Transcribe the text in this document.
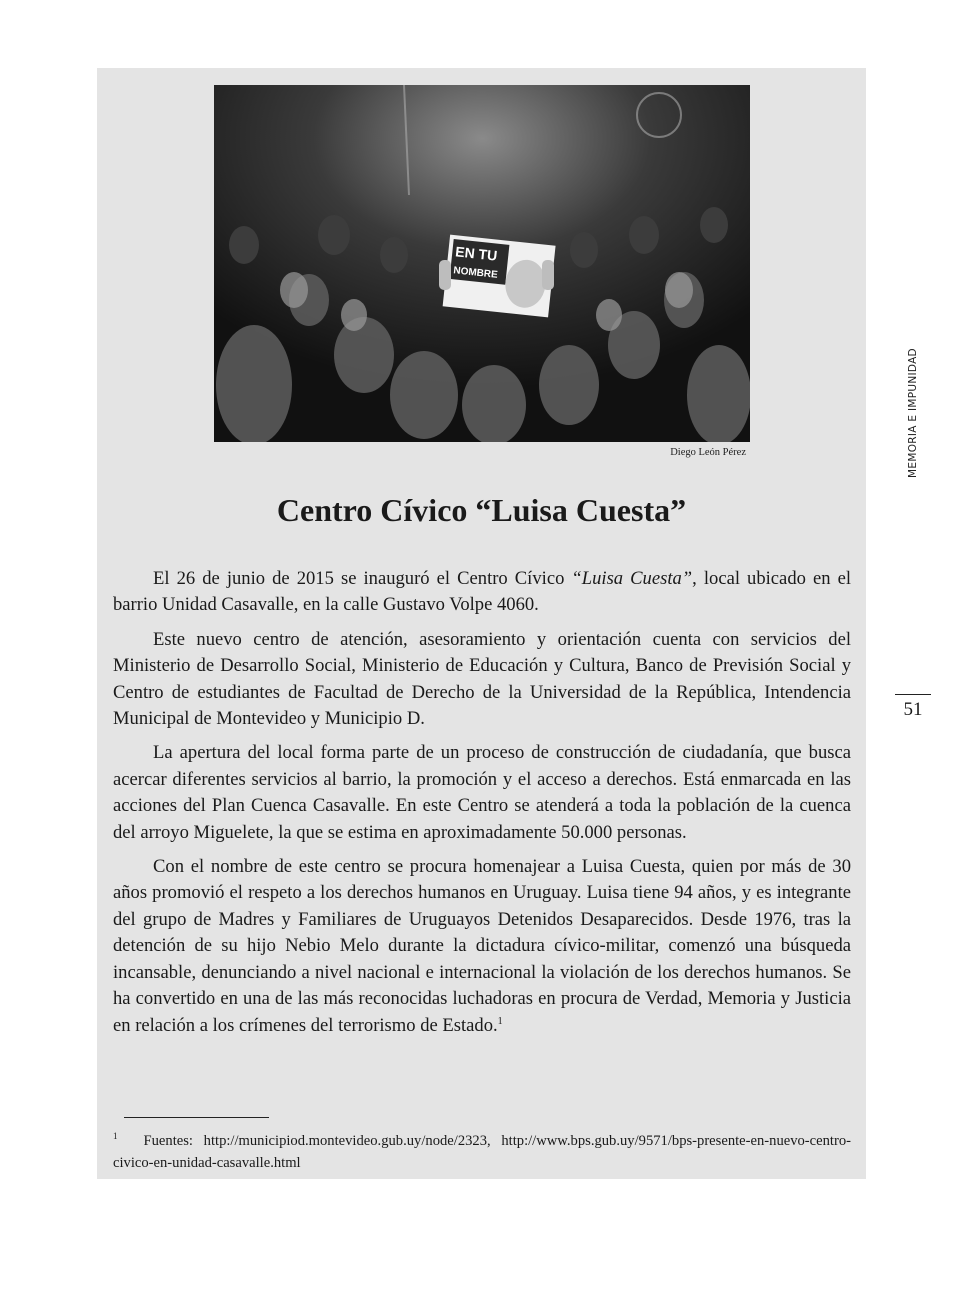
EN TU
NOMBRE
Diego León Pérez
Centro Cívico “Luisa Cuesta”

El 26 de junio de 2015 se inauguró el Centro Cívico “Luisa Cuesta”, local ubicado en el barrio Unidad Casavalle, en la calle Gustavo Volpe 4060.

Este nuevo centro de atención, asesoramiento y orientación cuenta con servicios del Ministerio de Desarrollo Social, Ministerio de Educación y Cultura, Banco de Previsión Social y Centro de estudiantes de Facultad de Derecho de la Universidad de la República, Intendencia Municipal de Montevideo y Municipio D.

La apertura del local forma parte de un proceso de construcción de ciudadanía, que busca acercar diferentes servicios al barrio, la promoción y el acceso a derechos. Está enmarcada en las acciones del Plan Cuenca Casavalle. En este Centro se atenderá a toda la población de la cuenca del arroyo Miguelete, la que se estima en aproximadamente 50.000 personas.

Con el nombre de este centro se procura homenajear a Luisa Cuesta, quien por más de 30 años promovió el respeto a los derechos humanos en Uruguay. Luisa tiene 94 años, y es integrante del grupo de Madres y Familiares de Uruguayos Detenidos Desaparecidos. Desde 1976, tras la detención de su hijo Nebio Melo durante la dictadura cívico-militar, comenzó una búsqueda incansable, denunciando a nivel nacional e internacional la violación de los derechos humanos. Se ha convertido en una de las más reconocidas luchadoras en procura de Verdad, Memoria y Justicia en relación a los crímenes del terrorismo de Estado.$^1$

$^1$ Fuentes: http://municipiod.montevideo.gub.uy/node/2323, http://www.bps.gub.uy/9571/bps-presente-en-nuevo-centro-civico-en-unidad-casavalle.html
MEMORIA E IMPUNIDAD
51
